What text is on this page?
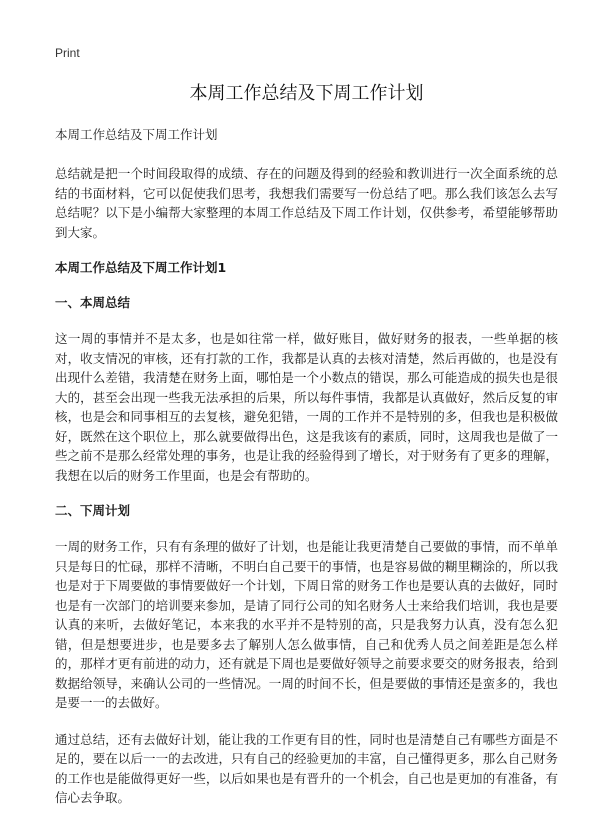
Print
本周工作总结及下周工作计划
本周工作总结及下周工作计划

总结就是把一个时间段取得的成绩、存在的问题及得到的经验和教训进行一次全面系统的总结的书面材料，它可以促使我们思考，我想我们需要写一份总结了吧。那么我们该怎么去写总结呢？以下是小编帮大家整理的本周工作总结及下周工作计划，仅供参考，希望能够帮助到大家。

本周工作总结及下周工作计划1
一、本周总结

这一周的事情并不是太多，也是如往常一样，做好账目，做好财务的报表，一些单据的核对，收支情况的审核，还有打款的工作，我都是认真的去核对清楚，然后再做的，也是没有出现什么差错，我清楚在财务上面，哪怕是一个小数点的错误，那么可能造成的损失也是很大的，甚至会出现一些我无法承担的后果，所以每件事情，我都是认真做好，然后反复的审核，也是会和同事相互的去复核，避免犯错，一周的工作并不是特别的多，但我也是积极做好，既然在这个职位上，那么就要做得出色，这是我该有的素质，同时，这周我也是做了一些之前不是那么经常处理的事务，也是让我的经验得到了增长，对于财务有了更多的理解，我想在以后的财务工作里面，也是会有帮助的。

二、下周计划

一周的财务工作，只有有条理的做好了计划，也是能让我更清楚自己要做的事情，而不单单只是每日的忙碌，那样不清晰，不明白自己要干的事情，也是容易做的糊里糊涂的，所以我也是对于下周要做的事情要做好一个计划，下周日常的财务工作也是要认真的去做好，同时也是有一次部门的培训要来参加，是请了同行公司的知名财务人士来给我们培训，我也是要认真的来听，去做好笔记，本来我的水平并不是特别的高，只是我努力认真，没有怎么犯错，但是想要进步，也是要多去了解别人怎么做事情，自己和优秀人员之间差距是怎么样的，那样才更有前进的动力，还有就是下周也是要做好领导之前要求要交的财务报表，给到数据给领导，来确认公司的一些情况。一周的时间不长，但是要做的事情还是蛮多的，我也是要一一的去做好。

通过总结，还有去做好计划，能让我的工作更有目的性，同时也是清楚自己有哪些方面是不足的，要在以后一一的去改进，只有自己的经验更加的丰富，自己懂得更多，那么自己财务的工作也是能做得更好一些，以后如果也是有晋升的一个机会，自己也是更加的有准备，有信心去争取。
